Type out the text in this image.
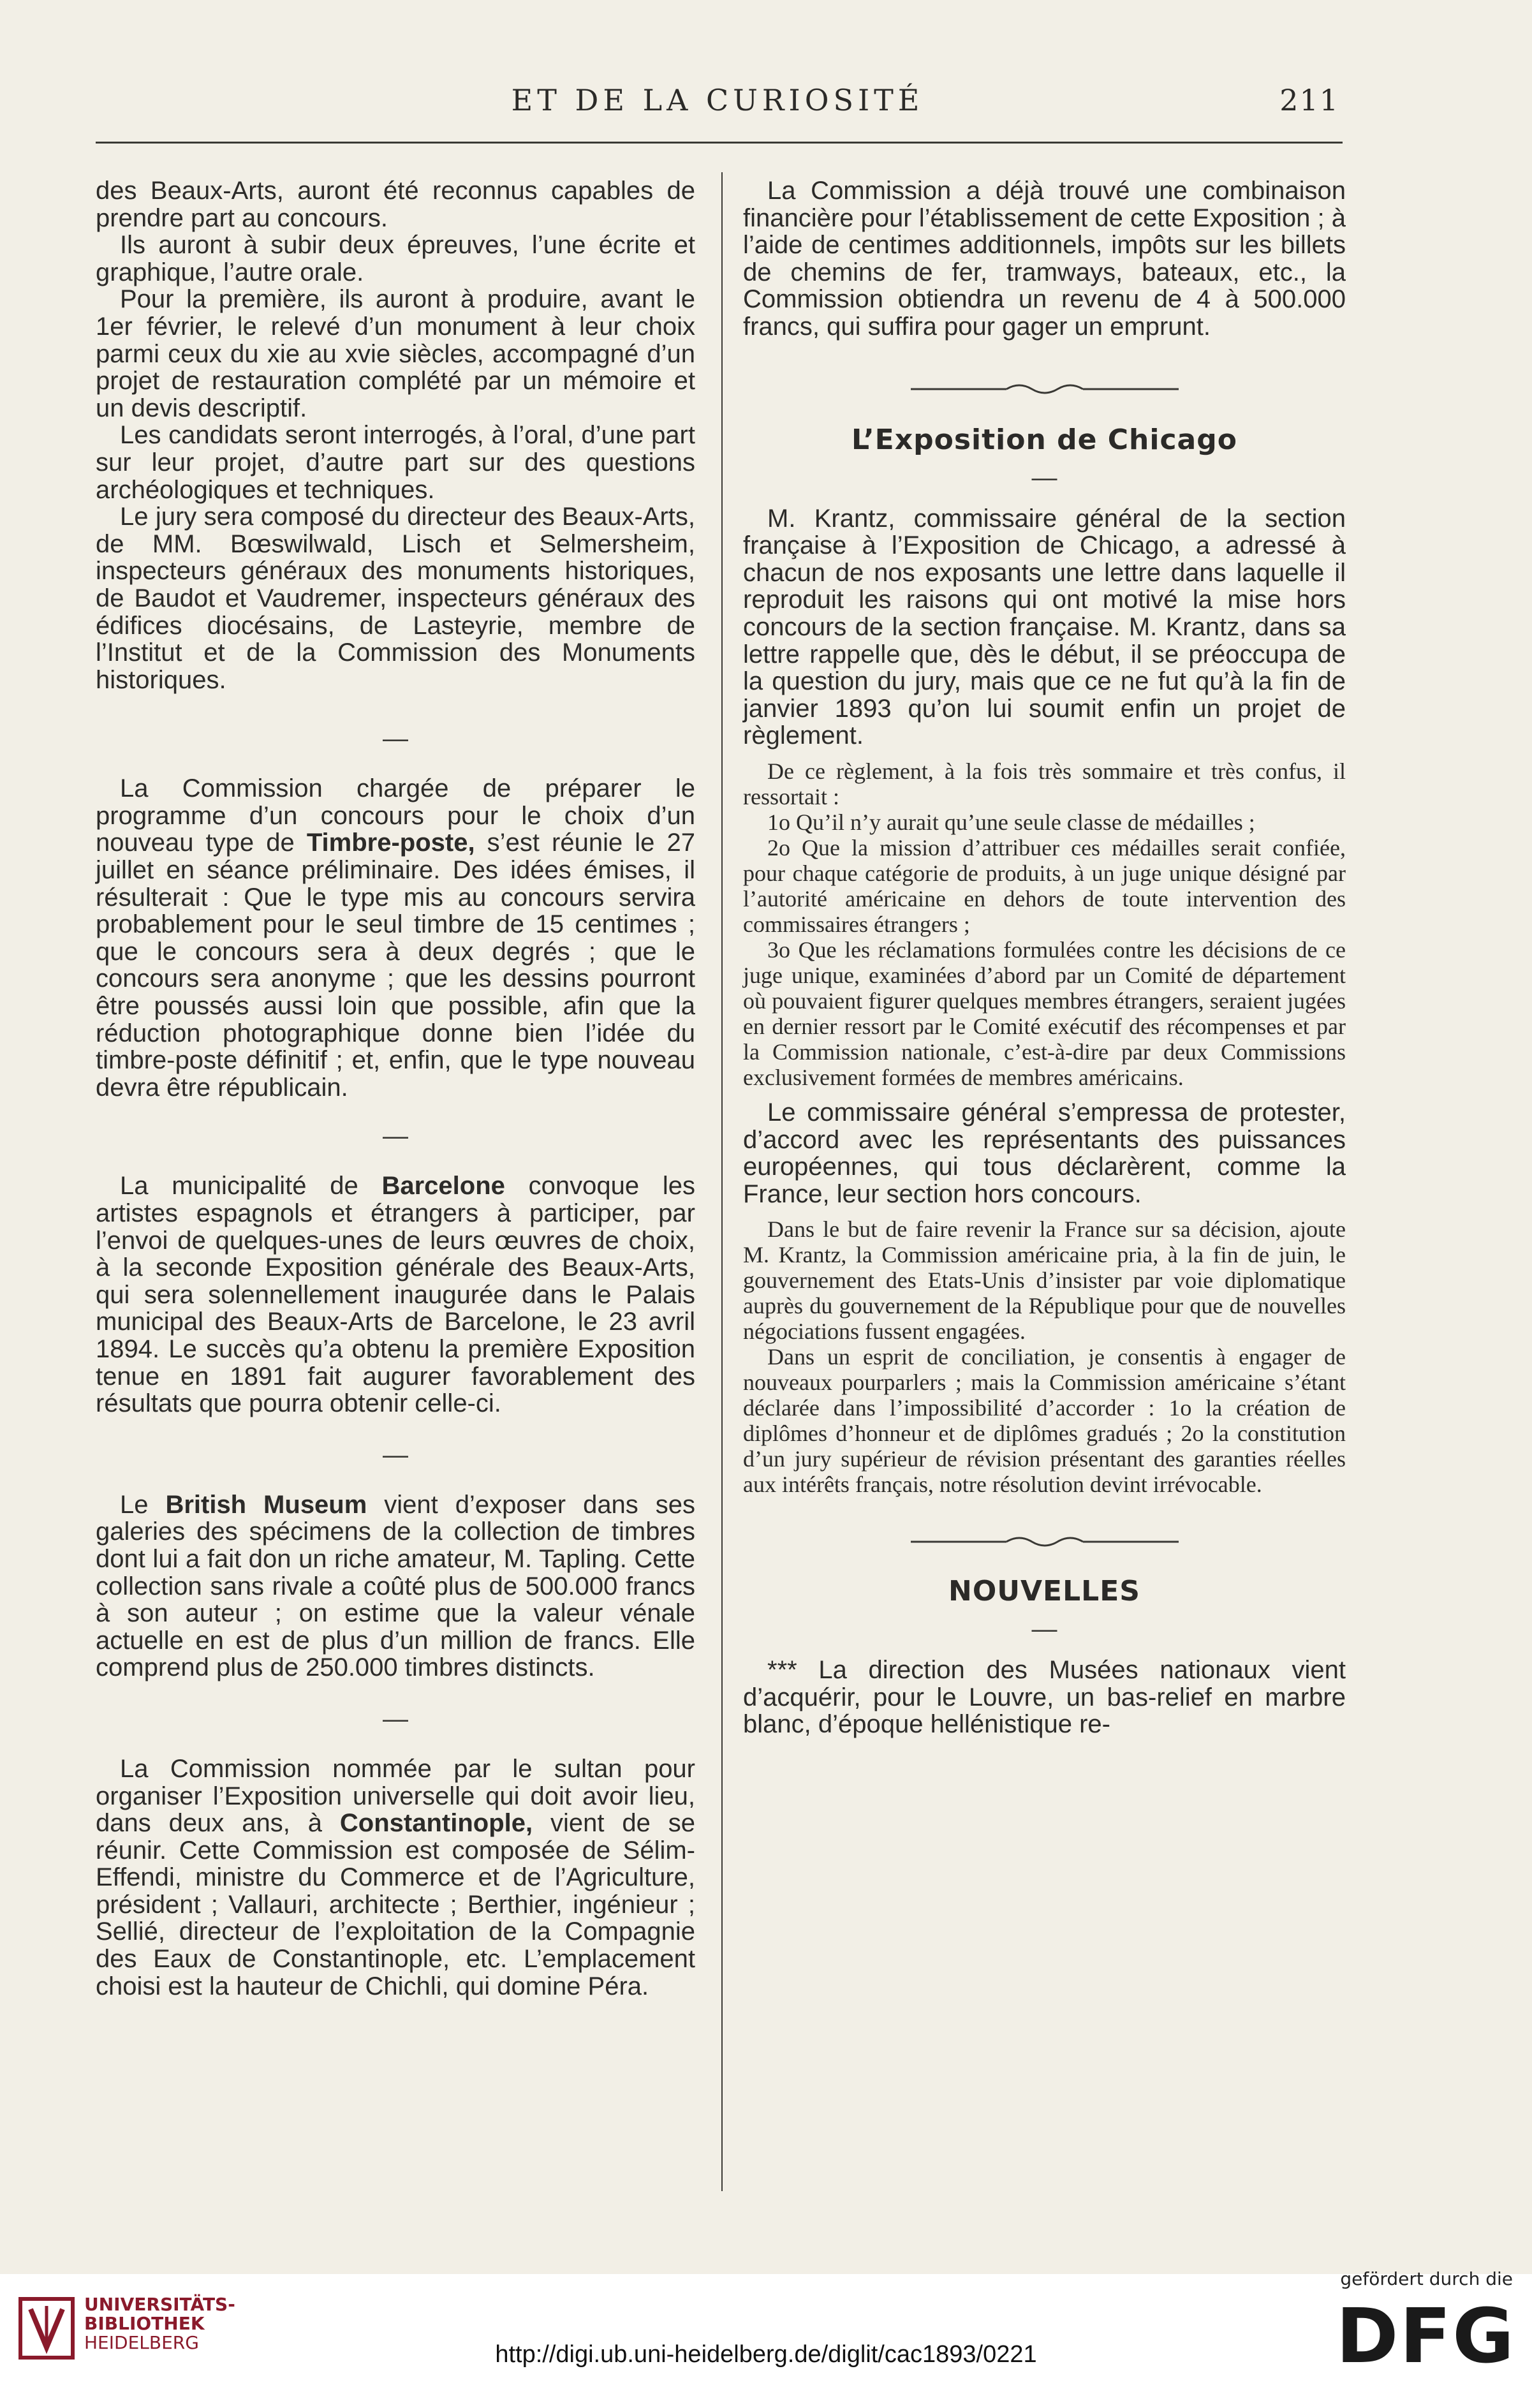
ET DE LA CURIOSITÉ	211

des Beaux-Arts, auront été reconnus capables de prendre part au concours.

Ils auront à subir deux épreuves, l’une écrite et graphique, l’autre orale.

Pour la première, ils auront à produire, avant le 1er février, le relevé d’un monument à leur choix parmi ceux du xie au xvie siècles, accompagné d’un projet de restauration complété par un mémoire et un devis descriptif.

Les candidats seront interrogés, à l’oral, d’une part sur leur projet, d’autre part sur des questions archéologiques et techniques.

Le jury sera composé du directeur des Beaux-Arts, de MM. Bœswilwald, Lisch et Selmersheim, inspecteurs généraux des monuments historiques, de Baudot et Vaudremer, inspecteurs généraux des édifices diocésains, de Lasteyrie, membre de l’Institut et de la Commission des Monuments historiques.

—

La Commission chargée de préparer le programme d’un concours pour le choix d’un nouveau type de Timbre-poste, s’est réunie le 27 juillet en séance préliminaire. Des idées émises, il résulterait : Que le type mis au concours servira probablement pour le seul timbre de 15 centimes ; que le concours sera à deux degrés ; que le concours sera anonyme ; que les dessins pourront être poussés aussi loin que possible, afin que la réduction photographique donne bien l’idée du timbre-poste définitif ; et, enfin, que le type nouveau devra être républicain.

—

La municipalité de Barcelone convoque les artistes espagnols et étrangers à participer, par l’envoi de quelques-unes de leurs œuvres de choix, à la seconde Exposition générale des Beaux-Arts, qui sera solennellement inaugurée dans le Palais municipal des Beaux-Arts de Barcelone, le 23 avril 1894. Le succès qu’a obtenu la première Exposition tenue en 1891 fait augurer favorablement des résultats que pourra obtenir celle-ci.

—

Le British Museum vient d’exposer dans ses galeries des spécimens de la collection de timbres dont lui a fait don un riche amateur, M. Tapling. Cette collection sans rivale a coûté plus de 500.000 francs à son auteur ; on estime que la valeur vénale actuelle en est de plus d’un million de francs. Elle comprend plus de 250.000 timbres distincts.

—

La Commission nommée par le sultan pour organiser l’Exposition universelle qui doit avoir lieu, dans deux ans, à Constantinople, vient de se réunir. Cette Commission est composée de Sélim-Effendi, ministre du Commerce et de l’Agriculture, président ; Vallauri, architecte ; Berthier, ingénieur ; Sellié, directeur de l’exploitation de la Compagnie des Eaux de Constantinople, etc. L’emplacement choisi est la hauteur de Chichli, qui domine Péra.

La Commission a déjà trouvé une combinaison financière pour l’établissement de cette Exposition ; à l’aide de centimes additionnels, impôts sur les billets de chemins de fer, tramways, bateaux, etc., la Commission obtiendra un revenu de 4 à 500.000 francs, qui suffira pour gager un emprunt.

L’Exposition de Chicago
—

M. Krantz, commissaire général de la section française à l’Exposition de Chicago, a adressé à chacun de nos exposants une lettre dans laquelle il reproduit les raisons qui ont motivé la mise hors concours de la section française. M. Krantz, dans sa lettre rappelle que, dès le début, il se préoccupa de la question du jury, mais que ce ne fut qu’à la fin de janvier 1893 qu’on lui soumit enfin un projet de règlement.

De ce règlement, à la fois très sommaire et très confus, il ressortait :

1o Qu’il n’y aurait qu’une seule classe de médailles ;

2o Que la mission d’attribuer ces médailles serait confiée, pour chaque catégorie de produits, à un juge unique désigné par l’autorité américaine en dehors de toute intervention des commissaires étrangers ;

3o Que les réclamations formulées contre les décisions de ce juge unique, examinées d’abord par un Comité de département où pouvaient figurer quelques membres étrangers, seraient jugées en dernier ressort par le Comité exécutif des récompenses et par la Commission nationale, c’est-à-dire par deux Commissions exclusivement formées de membres américains.

Le commissaire général s’empressa de protester, d’accord avec les représentants des puissances européennes, qui tous déclarèrent, comme la France, leur section hors concours.

Dans le but de faire revenir la France sur sa décision, ajoute M. Krantz, la Commission américaine pria, à la fin de juin, le gouvernement des Etats-Unis d’insister par voie diplomatique auprès du gouvernement de la République pour que de nouvelles négociations fussent engagées.

Dans un esprit de conciliation, je consentis à engager de nouveaux pourparlers ; mais la Commission américaine s’étant déclarée dans l’impossibilité d’accorder : 1o la création de diplômes d’honneur et de diplômes gradués ; 2o la constitution d’un jury supérieur de révision présentant des garanties réelles aux intérêts français, notre résolution devint irrévocable.

NOUVELLES
—

*** La direction des Musées nationaux vient d’acquérir, pour le Louvre, un bas-relief en marbre blanc, d’époque hellénistique re-

UNIVERSITÄTS-
BIBLIOTHEK
HEIDELBERG	http://digi.ub.uni-heidelberg.de/diglit/cac1893/0221
gefördert durch die
DFG
